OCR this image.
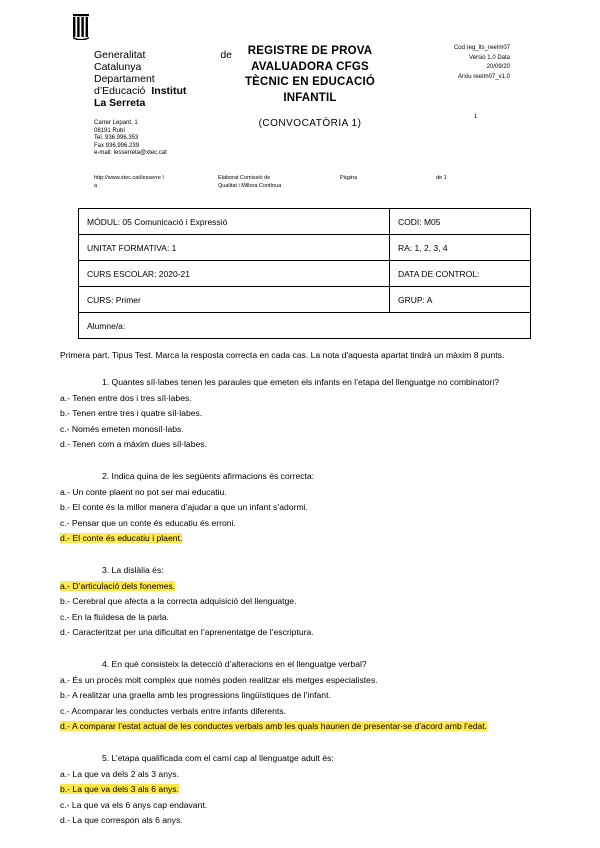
Generalitat	de
Catalunya
Departament
d’Educació Institut
La Serreta
Carrer Lepant, 1
08191 Rubí
Tel. 936.996.353
Fax 936.996.239
e-mail: lesserreta@xtec.cat
REGISTRE DE PROVA
AVALUADORA CFGS
TÈCNIC EN EDUCACIÓ
INFANTIL
(CONVOCATÒRIA 1)
Cod reg_lts_reeIm07
Versió 1.0 Data
20/09/20
Arxiu reeIm07_v1.0
1
http://www.xtec.cat/iesserre l
a
Elaborat Comissió de
Qualitat i Millora Contínua
Pàgina	de 1
MÒDUL: 05 Comunicació i Expressió	CODI: M05
UNITAT FORMATIVA: 1	RA: 1, 2, 3, 4
CURS ESCOLAR: 2020-21	DATA DE CONTROL:
CURS: Primer	GRUP: A
Alumne/a:	
Primera part. Tipus Test. Marca la resposta correcta en cada cas. La nota d'aquesta apartat tindrà un màxim 8 punts.
1. Quantes síl·labes tenen les paraules que emeten els infants en l’etapa del llenguatge no combinatori?
a.- Tenen entre dos i tres síl·labes.
b.- Tenen entre tres i quatre síl·labes.
c.- Només emeten monosíl·labs.
d.- Tenen com a màxim dues síl·labes.
2. Indica quina de les següents afirmacions és correcta:
a.- Un conte plaent no pot ser mai educatiu.
b.- El conte és la millor manera d’ajudar a que un infant s’adormi.
c.- Pensar que un conte és educatiu és erroni.
d.- El conte és educatiu i plaent.
3. La dislàlia és:
a.- D’articulació dels fonemes.
b.- Cerebral que afecta a la correcta adquisició del llenguatge.
c.- En la fluïdesa de la parla.
d.- Caracteritzat per una dificultat en l’aprenentatge de l’escriptura.
4. En què consisteix la detecció d’alteracions en el llenguatge verbal?
a.- És un procés molt complex que només poden realitzar els metges especialistes.
b.- A realitzar una graella amb les progressions lingüístiques de l’infant.
c.- Acomparar les conductes verbals entre infants diferents.
d.- A comparar l’estat actual de les conductes verbals amb les quals haurien de presentar-se d’acord amb l’edat.
5. L’etapa qualificada com el camí cap al llenguatge adult és:
a.- La que va dels 2 als 3 anys.
b.- La que va dels 3 als 6 anys.
c.- La que va els 6 anys cap endavant.
d.- La que correspon als 6 anys.
